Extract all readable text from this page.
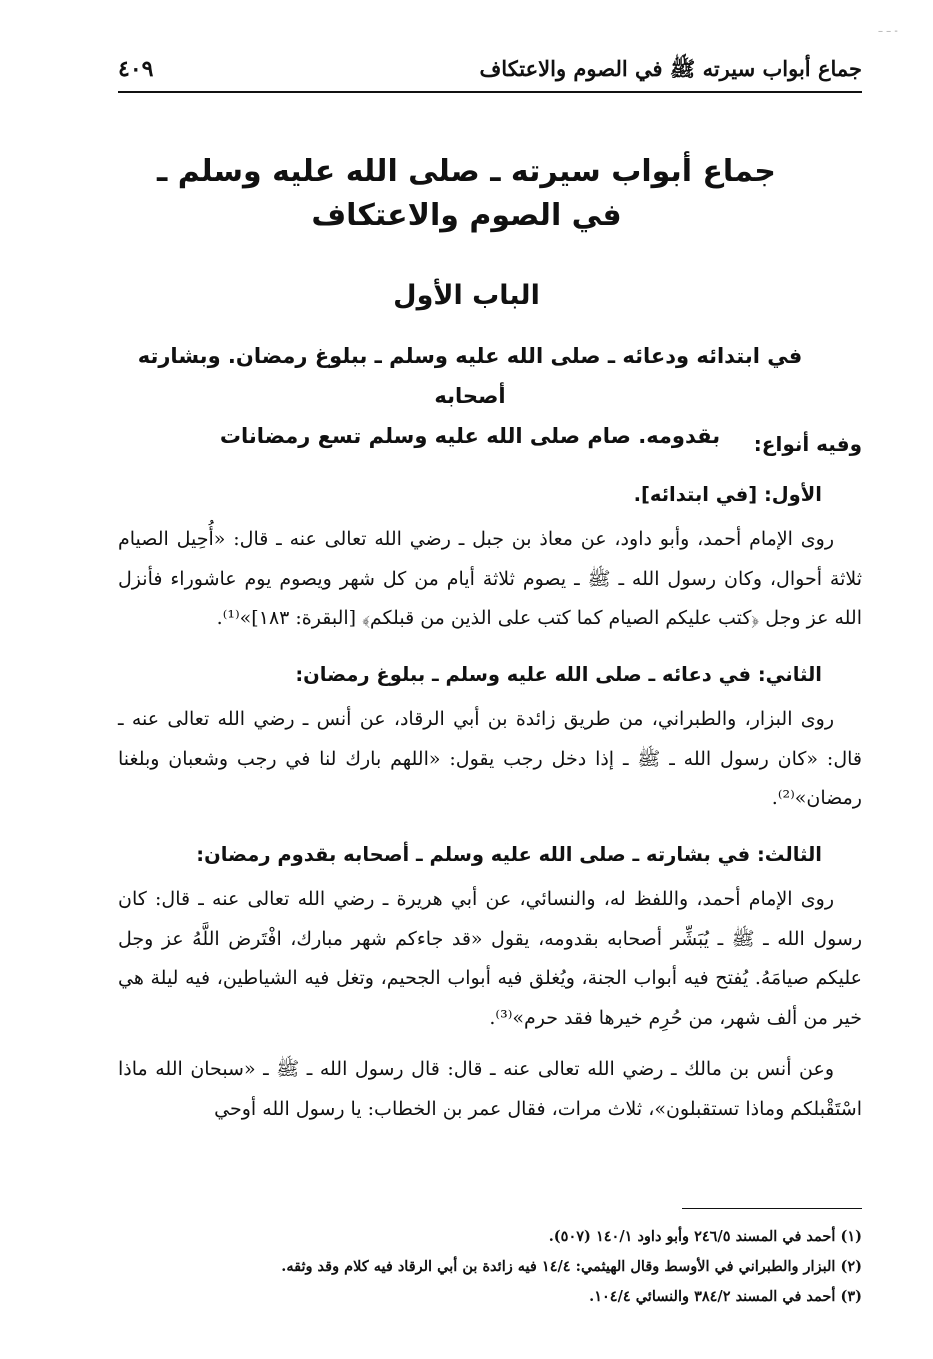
– – -
جماع أبواب سيرته ﷺ في الصوم والاعتكاف
٤٠٩

جماع أبواب سيرته ـ صلى الله عليه وسلم ـ

في الصوم والاعتكاف

الباب الأول
في ابتدائه ودعائه ـ صلى الله عليه وسلم ـ ببلوغ رمضان. وبشارته أصحابه
بقدومه. صام صلى الله عليه وسلم تسع رمضانات	وفيه أنواع:

الأول: [في ابتدائه].

روى الإمام أحمد، وأبو داود، عن معاذ بن جبل ـ رضي الله تعالى عنه ـ قال: «أُحِيل الصيام ثلاثة أحوال، وكان رسول الله ـ ﷺ ـ يصوم ثلاثة أيام من كل شهر ويصوم يوم عاشوراء فأنزل الله عز وجل ﴿كتب عليكم الصيام كما كتب على الذين من قبلكم﴾ [البقرة: ١٨٣]»⁽¹⁾.

الثاني: في دعائه ـ صلى الله عليه وسلم ـ ببلوغ رمضان:

روى البزار، والطبراني، من طريق زائدة بن أبي الرقاد، عن أنس ـ رضي الله تعالى عنه ـ قال: «كان رسول الله ـ ﷺ ـ إذا دخل رجب يقول: «اللهم بارك لنا في رجب وشعبان وبلغنا رمضان»⁽²⁾.

الثالث: في بشارته ـ صلى الله عليه وسلم ـ أصحابه بقدوم رمضان:

روى الإمام أحمد، واللفظ له، والنسائي، عن أبي هريرة ـ رضي الله تعالى عنه ـ قال: كان رسول الله ـ ﷺ ـ يُبَشِّر أصحابه بقدومه، يقول «قد جاءكم شهر مبارك، افْتَرض اللَّهُ عز وجل عليكم صيامَهُ. يُفتح فيه أبواب الجنة، ويُغلق فيه أبواب الجحيم، وتغل فيه الشياطين، فيه ليلة هي خير من ألف شهر، من حُرِم خيرها فقد حرم»⁽³⁾.

وعن أنس بن مالك ـ رضي الله تعالى عنه ـ قال: قال رسول الله ـ ﷺ ـ «سبحان الله ماذا اسْتَقْبلكم وماذا تستقبلون»، ثلاث مرات، فقال عمر بن الخطاب: يا رسول الله أوحي

(١) أحمد في المسند ٢٤٦/٥ وأبو داود ١٤٠/١ (٥٠٧).

(٢) البزار والطبراني في الأوسط وقال الهيثمي: ١٤/٤ فيه زائدة بن أبي الرقاد فيه كلام وقد وثقه.

(٣) أحمد في المسند ٣٨٤/٢ والنسائي ١٠٤/٤.
